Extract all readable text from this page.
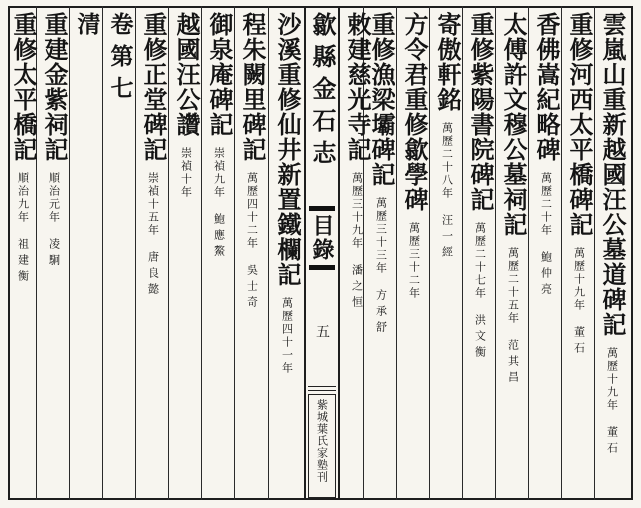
雲嵐山重新越國汪公墓道碑記
萬歷十九年
董石
重修河西太平橋碑記
萬歷十九年
董石
香佛嵩紀略碑
萬歷二十年
鮑仲亮
太傅許文穆公墓祠記
萬歷二十五年
范其昌
重修紫陽書院碑記
萬歷二十七年
洪文衡
寄傲軒銘
萬歷二十八年
汪一經
方令君重修歙學碑
萬歷三十二年
重修漁梁壩碑記
萬歷三十三年
方承舒
敕建慈光寺記
萬歷三十九年
潘之恒
歙縣金石志
目錄
五
紫城葉氏家塾刊
沙溪重修仙井新置鐵欄記
萬歷四十一年
程朱闕里碑記
萬歷四十二年
吳士奇
御泉庵碑記
崇禎九年
鮑應鰲
越國汪公讚
崇禎十年
重修正堂碑記
崇禎十五年
唐良懿
卷第七
清
重建金紫祠記
順治元年
凌駉
重修太平橋記
順治九年
祖建衡
